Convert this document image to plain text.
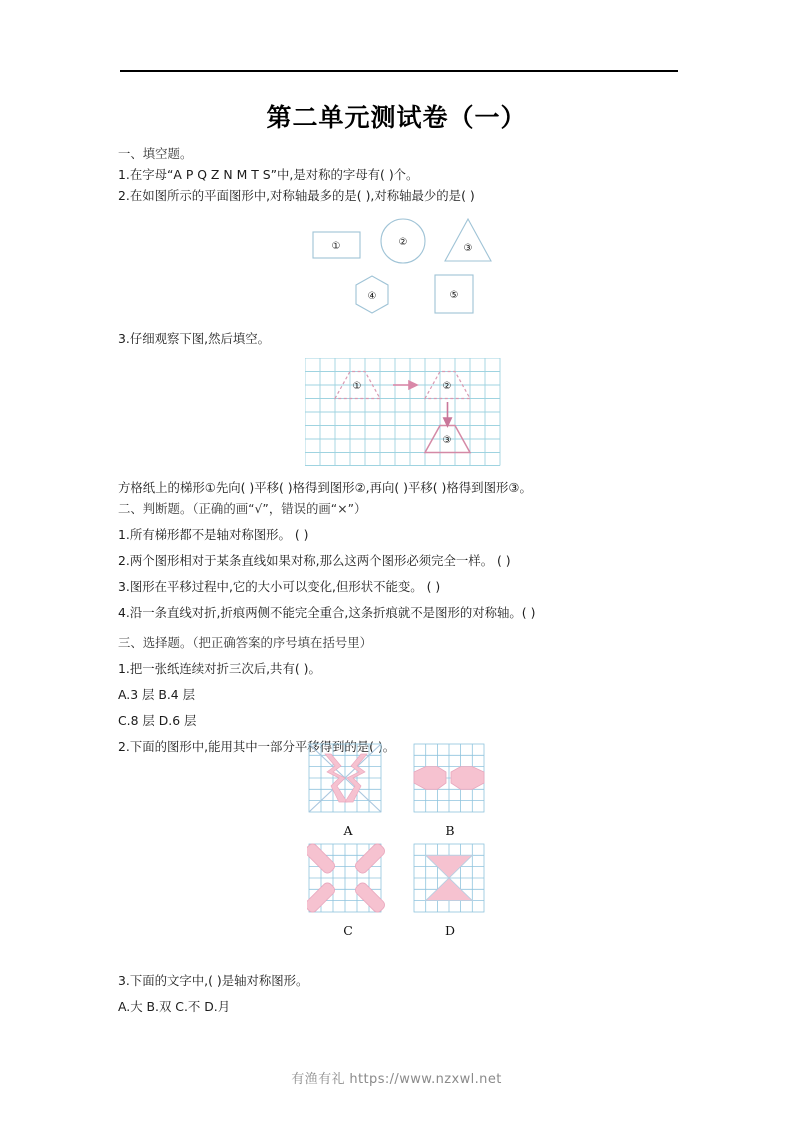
第二单元测试卷（一）
一、填空题。
1.在字母“A P Q Z N M T S”中,是对称的字母有( )个。
2.在如图所示的平面图形中,对称轴最多的是( ),对称轴最少的是( )
3.仔细观察下图,然后填空。
方格纸上的梯形①先向( )平移( )格得到图形②,再向( )平移( )格得到图形③。
二、判断题。（正确的画“√”，错误的画“×”）
1.所有梯形都不是轴对称图形。 ( )
2.两个图形相对于某条直线如果对称,那么这两个图形必须完全一样。 ( )
3.图形在平移过程中,它的大小可以变化,但形状不能变。 ( )
4.沿一条直线对折,折痕两侧不能完全重合,这条折痕就不是图形的对称轴。( )
三、选择题。（把正确答案的序号填在括号里）
1.把一张纸连续对折三次后,共有( )。
A.3 层 B.4 层
C.8 层 D.6 层
2.下面的图形中,能用其中一部分平移得到的是( )。
3.下面的文字中,( )是轴对称图形。
A.大 B.双 C.不 D.月
①	②
③
④	⑤
①	②
③
A	B
C	D
有渔有礼 https://www.nzxwl.net
